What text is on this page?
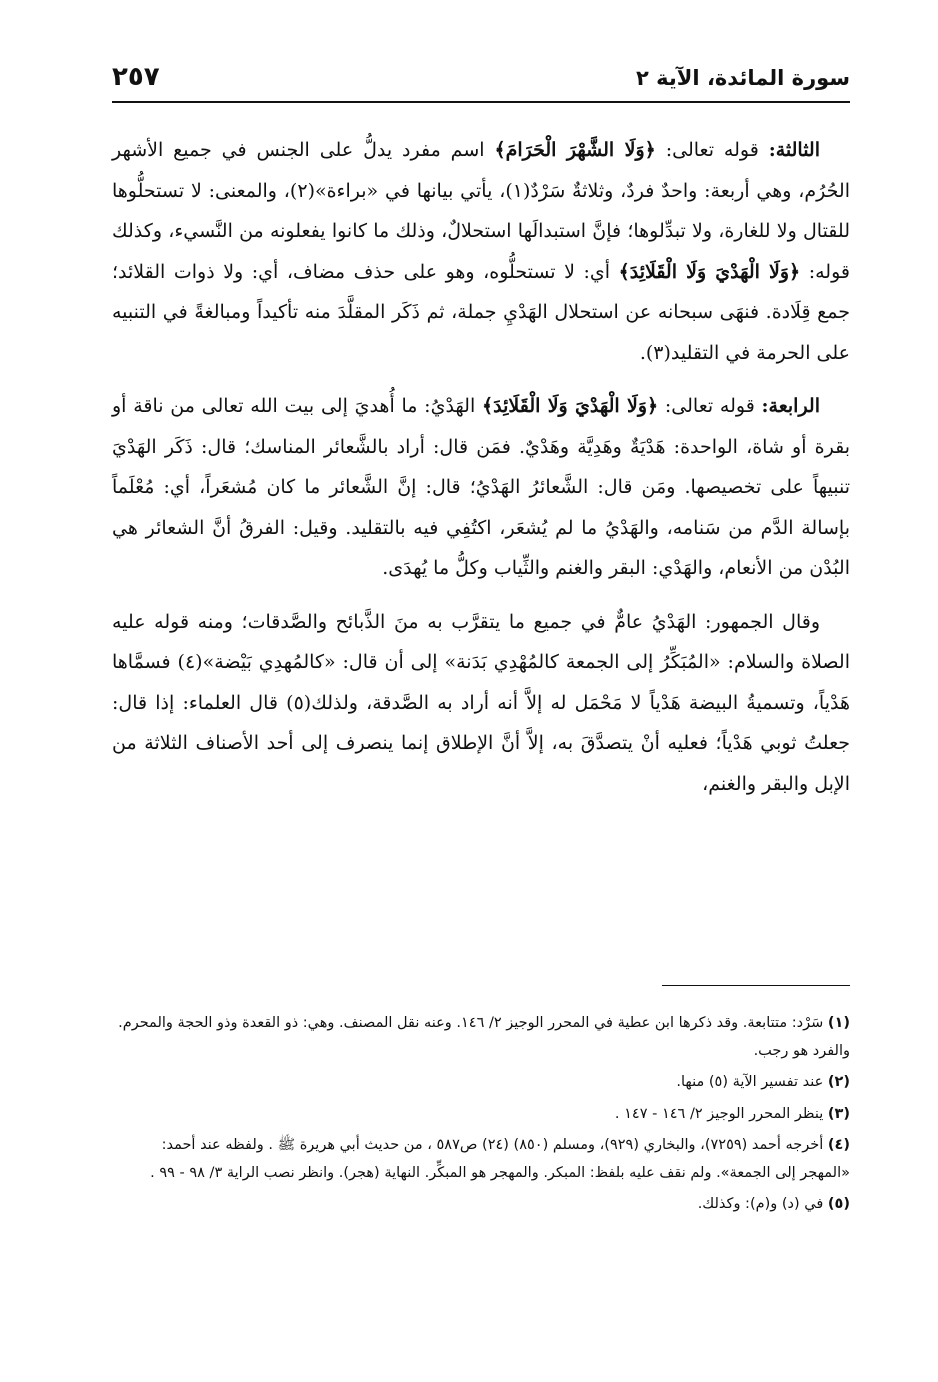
سورة المائدة، الآية ٢
٢٥٧

الثالثة: قوله تعالى: ﴿وَلَا الشَّهْرَ الْحَرَامَ﴾ اسم مفرد يدلُّ على الجنس في جميع الأشهر الحُرُم، وهي أربعة: واحدٌ فردٌ، وثلاثةٌ سَرْدٌ(١)، يأتي بيانها في «براءة»(٢)، والمعنى: لا تستحلُّوها للقتال ولا للغارة، ولا تبدِّلوها؛ فإنَّ استبدالَها استحلالٌ، وذلك ما كانوا يفعلونه من النَّسيء، وكذلك قوله: ﴿وَلَا الْهَدْيَ وَلَا الْقَلَائِدَ﴾ أي: لا تستحلُّوه، وهو على حذف مضاف، أي: ولا ذوات القلائد؛ جمع قِلَادة. فنهَى سبحانه عن استحلال الهَدْيِ جملة، ثم ذَكَر المقلَّدَ منه تأكيداً ومبالغةً في التنبيه على الحرمة في التقليد(٣).

الرابعة: قوله تعالى: ﴿وَلَا الْهَدْيَ وَلَا الْقَلَائِدَ﴾ الهَدْيُ: ما أُهديَ إلى بيت الله تعالى من ناقة أو بقرة أو شاة، الواحدة: هَدْيَةٌ وهَدِيَّة وهَدْيٌ. فمَن قال: أراد بالشَّعائر المناسك؛ قال: ذَكَر الهَدْيَ تنبيهاً على تخصيصها. ومَن قال: الشَّعائرُ الهَدْيُ؛ قال: إنَّ الشَّعائر ما كان مُشعَراً، أي: مُعْلَماً بإسالة الدَّم من سَنامه، والهَدْيُ ما لم يُشعَر، اكتُفِي فيه بالتقليد. وقيل: الفرقُ أنَّ الشعائر هي البُدْن من الأنعام، والهَدْي: البقر والغنم والثِّياب وكلُّ ما يُهدَى.

وقال الجمهور: الهَدْيُ عامٌّ في جميع ما يتقرَّب به منَ الذَّبائح والصَّدقات؛ ومنه قوله عليه الصلاة والسلام: «المُبَكِّرُ إلى الجمعة كالمُهْدِي بَدَنة» إلى أن قال: «كالمُهدِي بَيْضة»(٤) فسمَّاها هَدْياً، وتسميةُ البيضة هَدْياً لا مَحْمَل له إلاَّ أنه أراد به الصَّدقة، ولذلك(٥) قال العلماء: إذا قال: جعلتُ ثوبي هَدْياً؛ فعليه أنْ يتصدَّقَ به، إلاَّ أنَّ الإطلاق إنما ينصرف إلى أحد الأصناف الثلاثة من الإبل والبقر والغنم،

(١) سَرْد: متتابعة. وقد ذكرها ابن عطية في المحرر الوجيز ٢/ ١٤٦. وعنه نقل المصنف. وهي: ذو القعدة وذو الحجة والمحرم. والفرد هو رجب.
(٢) عند تفسير الآية (٥) منها.
(٣) ينظر المحرر الوجيز ٢/ ١٤٦ - ١٤٧ .
(٤) أخرجه أحمد (٧٢٥٩)، والبخاري (٩٢٩)، ومسلم (٨٥٠) (٢٤) ص٥٨٧ ، من حديث أبي هريرة ﷺ . ولفظه عند أحمد: «المهجر إلى الجمعة». ولم نقف عليه بلفظ: المبكر. والمهجر هو المبكِّر. النهاية (هجر). وانظر نصب الراية ٣/ ٩٨ - ٩٩ .
(٥) في (د) و(م): وكذلك.
